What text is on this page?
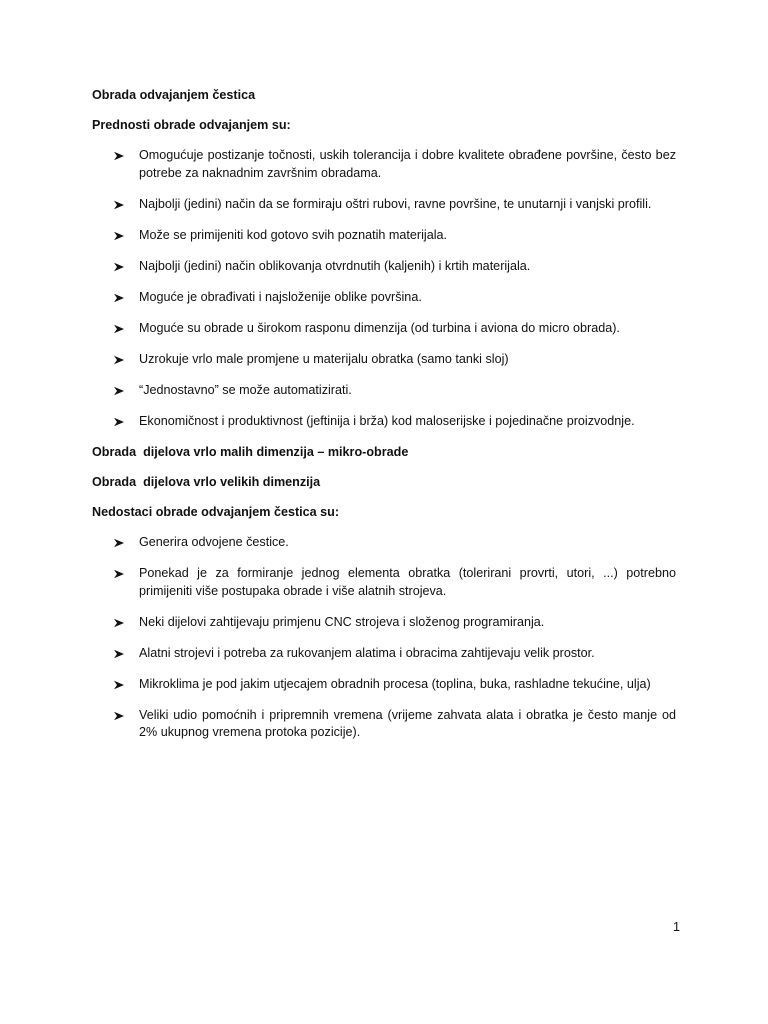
Obrada odvajanjem čestica

Prednosti obrade odvajanjem su:

Omogućuje postizanje točnosti, uskih tolerancija i dobre kvalitete obrađene površine, često bez potrebe za naknadnim završnim obradama.
Najbolji (jedini) način da se formiraju oštri rubovi, ravne površine, te unutarnji i vanjski profili.
Može se primijeniti kod gotovo svih poznatih materijala.
Najbolji (jedini) način oblikovanja otvrdnutih (kaljenih) i krtih materijala.
Moguće je obrađivati i najsloženije oblike površina.
Moguće su obrade u širokom rasponu dimenzija (od turbina i aviona do micro obrada).
Uzrokuje vrlo male promjene u materijalu obratka (samo tanki sloj)
“Jednostavno” se može automatizirati.
Ekonomičnost i produktivnost (jeftinija i brža) kod maloserijske i pojedinačne proizvodnje.

Obrada  dijelova vrlo malih dimenzija – mikro-obrade

Obrada  dijelova vrlo velikih dimenzija

Nedostaci obrade odvajanjem čestica su:

Generira odvojene čestice.
Ponekad je za formiranje jednog elementa obratka (tolerirani provrti, utori, ...) potrebno primijeniti više postupaka obrade i više alatnih strojeva.
Neki dijelovi zahtijevaju primjenu CNC strojeva i složenog programiranja.
Alatni strojevi i potreba za rukovanjem alatima i obracima zahtijevaju velik prostor.
Mikroklima je pod jakim utjecajem obradnih procesa (toplina, buka, rashladne tekućine, ulja)
Veliki udio pomoćnih i pripremnih vremena (vrijeme zahvata alata i obratka je često manje od 2% ukupnog vremena protoka pozicije).
1
